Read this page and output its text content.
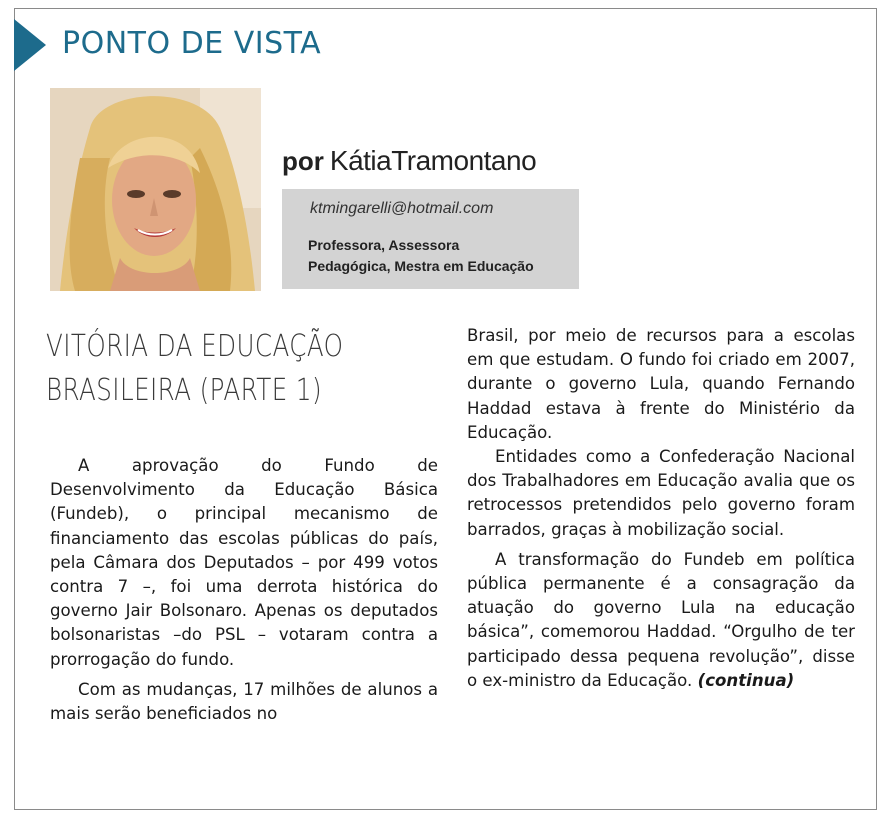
PONTO DE VISTA
por KátiaTramontano
ktmingarelli@hotmail.com
Professora, Assessora
Pedagógica, Mestra em Educação
VITÓRIA DA EDUCAÇÃO
BRASILEIRA (PARTE 1)

A aprovação do Fundo de Desenvolvimento da Educação Básica (Fundeb), o principal mecanismo de financiamento das escolas públicas do país, pela Câmara dos Deputados – por 499 votos contra 7 –, foi uma derrota histórica do governo Jair Bolsonaro. Apenas os deputados bolsonaristas –do PSL – votaram contra a prorrogação do fundo.

Com as mudanças, 17 milhões de alunos a mais serão beneficiados no

Brasil, por meio de recursos para a escolas em que estudam. O fundo foi criado em 2007, durante o governo Lula, quando Fernando Haddad estava à frente do Ministério da Educação.

Entidades como a Confederação Nacional dos Trabalhadores em Educação avalia que os retrocessos pretendidos pelo governo foram barrados, graças à mobilização social.

A transformação do Fundeb em política pública permanente é a consagração da atuação do governo Lula na educação básica”, comemorou Haddad. “Orgulho de ter participado dessa pequena revolução”, disse o ex-ministro da Educação. (continua)
